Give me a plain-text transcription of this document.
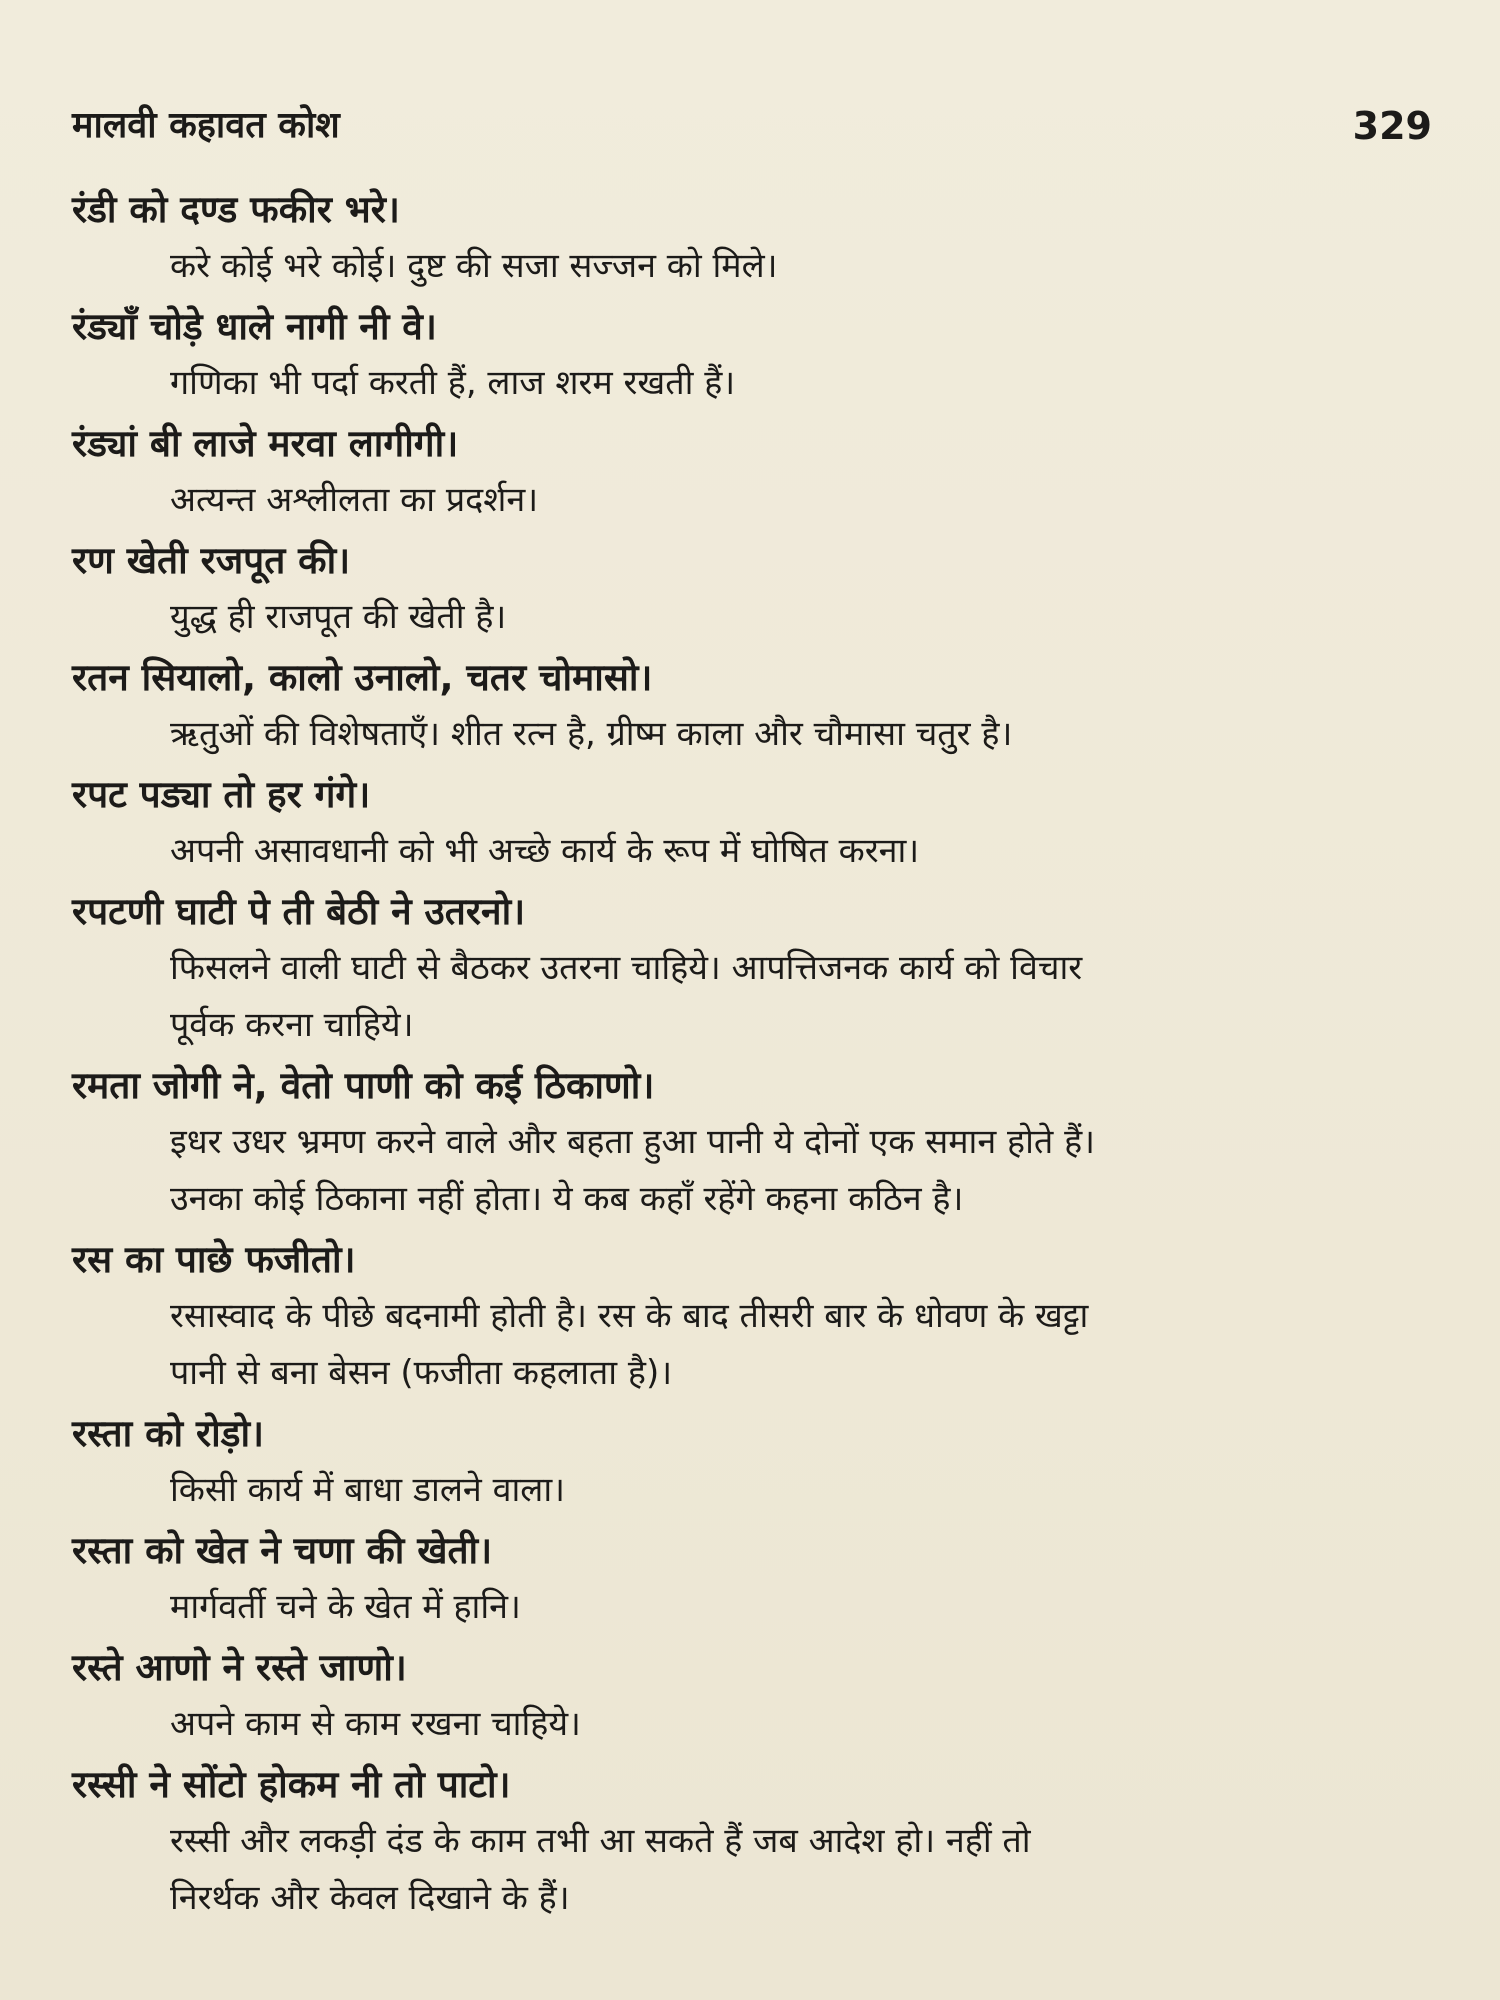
मालवी कहावत कोश	329
रंडी को दण्ड फकीर भरे।
करे कोई भरे कोई। दुष्ट की सजा सज्जन को मिले।
रंड्याँ चोड़े धाले नागी नी वे।
गणिका भी पर्दा करती हैं, लाज शरम रखती हैं।
रंड्यां बी लाजे मरवा लागीगी।
अत्यन्त अश्लीलता का प्रदर्शन।
रण खेती रजपूत की।
युद्ध ही राजपूत की खेती है।
रतन सियालो, कालो उनालो, चतर चोमासो।
ऋतुओं की विशेषताएँ। शीत रत्न है, ग्रीष्म काला और चौमासा चतुर है।
रपट पड्या तो हर गंगे।
अपनी असावधानी को भी अच्छे कार्य के रूप में घोषित करना।
रपटणी घाटी पे ती बेठी ने उतरनो।
फिसलने वाली घाटी से बैठकर उतरना चाहिये। आपत्तिजनक कार्य को विचार
पूर्वक करना चाहिये।
रमता जोगी ने, वेतो पाणी को कई ठिकाणो।
इधर उधर भ्रमण करने वाले और बहता हुआ पानी ये दोनों एक समान होते हैं।
उनका कोई ठिकाना नहीं होता। ये कब कहाँ रहेंगे कहना कठिन है।
रस का पाछे फजीतो।
रसास्वाद के पीछे बदनामी होती है। रस के बाद तीसरी बार के धोवण के खट्टा
पानी से बना बेसन (फजीता कहलाता है)।
रस्ता को रोड़ो।
किसी कार्य में बाधा डालने वाला।
रस्ता को खेत ने चणा की खेती।
मार्गवर्ती चने के खेत में हानि।
रस्ते आणो ने रस्ते जाणो।
अपने काम से काम रखना चाहिये।
रस्सी ने सोंटो होकम नी तो पाटो।
रस्सी और लकड़ी दंड के काम तभी आ सकते हैं जब आदेश हो। नहीं तो
निरर्थक और केवल दिखाने के हैं।
